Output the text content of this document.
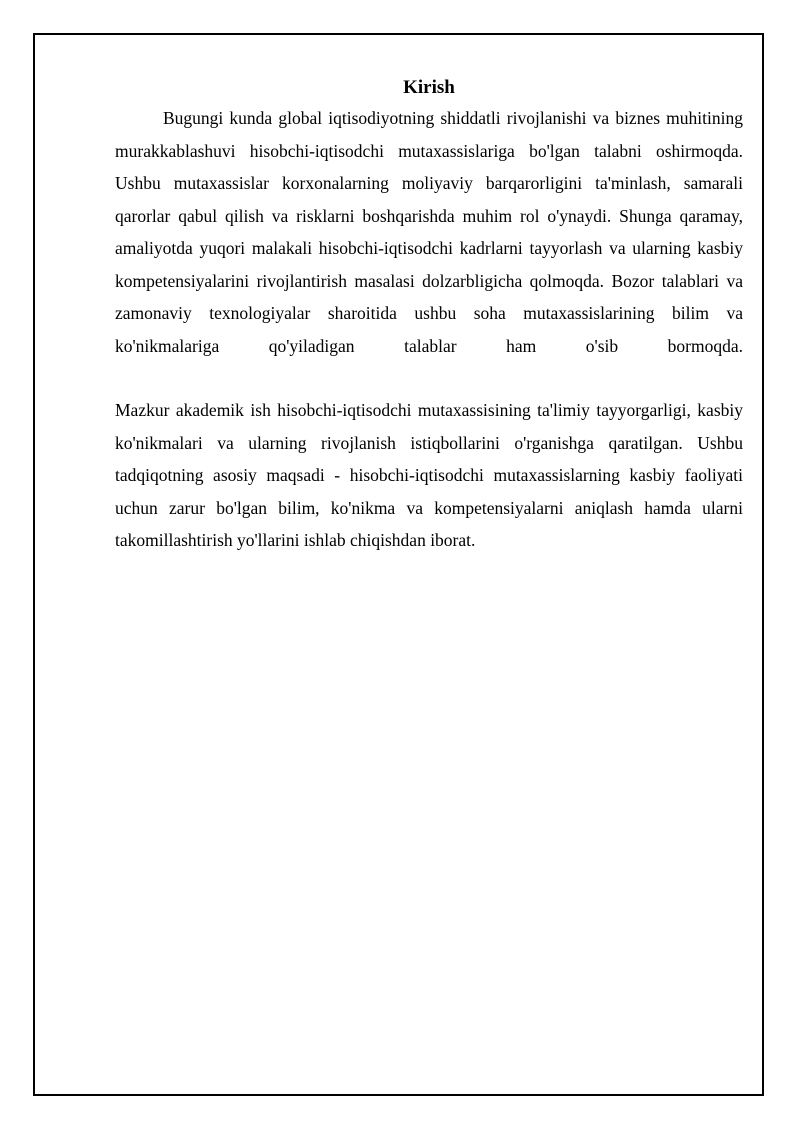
Kirish

Bugungi kunda global iqtisodiyotning shiddatli rivojlanishi va biznes muhitining murakkablashuvi hisobchi-iqtisodchi mutaxassislariga bo'lgan talabni oshirmoqda. Ushbu mutaxassislar korxonalarning moliyaviy barqarorligini ta'minlash, samarali qarorlar qabul qilish va risklarni boshqarishda muhim rol o'ynaydi. Shunga qaramay, amaliyotda yuqori malakali hisobchi-iqtisodchi kadrlarni tayyorlash va ularning kasbiy kompetensiyalarini rivojlantirish masalasi dolzarbligicha qolmoqda. Bozor talablari va zamonaviy texnologiyalar sharoitida ushbu soha mutaxassislarining bilim va ko'nikmalariga qo'yiladigan talablar ham o'sib bormoqda.

Mazkur akademik ish hisobchi-iqtisodchi mutaxassisining ta'limiy tayyorgarligi, kasbiy ko'nikmalari va ularning rivojlanish istiqbollarini o'rganishga qaratilgan. Ushbu tadqiqotning asosiy maqsadi - hisobchi-iqtisodchi mutaxassislarning kasbiy faoliyati uchun zarur bo'lgan bilim, ko'nikma va kompetensiyalarni aniqlash hamda ularni takomillashtirish yo'llarini ishlab chiqishdan iborat.
